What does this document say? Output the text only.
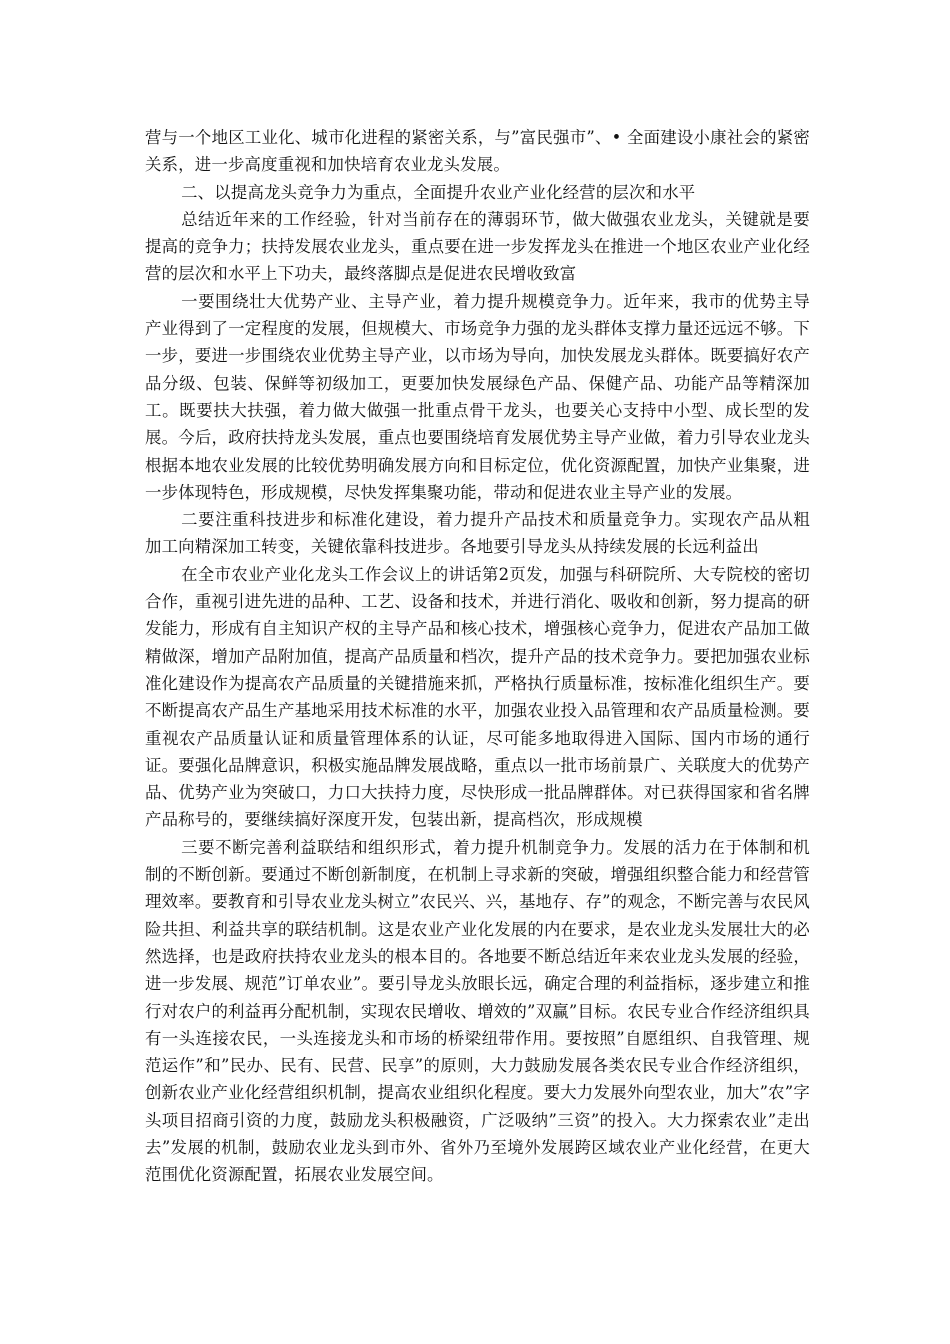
营与一个地区工业化、城市化进程的紧密关系，与”富民强市”、• 全面建设小康社会的紧密关系，进一步高度重视和加快培育农业龙头发展。

二、以提高龙头竞争力为重点，全面提升农业产业化经营的层次和水平

总结近年来的工作经验，针对当前存在的薄弱环节，做大做强农业龙头，关键就是要提高的竞争力；扶持发展农业龙头，重点要在进一步发挥龙头在推进一个地区农业产业化经营的层次和水平上下功夫，最终落脚点是促进农民增收致富

一要围绕壮大优势产业、主导产业，着力提升规模竞争力。近年来，我市的优势主导产业得到了一定程度的发展，但规模大、市场竞争力强的龙头群体支撑力量还远远不够。下一步，要进一步围绕农业优势主导产业，以市场为导向，加快发展龙头群体。既要搞好农产品分级、包装、保鲜等初级加工，更要加快发展绿色产品、保健产品、功能产品等精深加工。既要扶大扶强，着力做大做强一批重点骨干龙头，也要关心支持中小型、成长型的发展。今后，政府扶持龙头发展，重点也要围绕培育发展优势主导产业做，着力引导农业龙头根据本地农业发展的比较优势明确发展方向和目标定位，优化资源配置，加快产业集聚，进一步体现特色，形成规模，尽快发挥集聚功能，带动和促进农业主导产业的发展。

二要注重科技进步和标准化建设，着力提升产品技术和质量竞争力。实现农产品从粗加工向精深加工转变，关键依靠科技进步。各地要引导龙头从持续发展的长远利益出

在全市农业产业化龙头工作会议上的讲话第2页发，加强与科研院所、大专院校的密切合作，重视引进先进的品种、工艺、设备和技术，并进行消化、吸收和创新，努力提高的研发能力，形成有自主知识产权的主导产品和核心技术，增强核心竞争力，促进农产品加工做精做深，增加产品附加值，提高产品质量和档次，提升产品的技术竞争力。要把加强农业标准化建设作为提高农产品质量的关键措施来抓，严格执行质量标准，按标准化组织生产。要不断提高农产品生产基地采用技术标准的水平，加强农业投入品管理和农产品质量检测。要重视农产品质量认证和质量管理体系的认证，尽可能多地取得进入国际、国内市场的通行证。要强化品牌意识，积极实施品牌发展战略，重点以一批市场前景广、关联度大的优势产品、优势产业为突破口，力口大扶持力度，尽快形成一批品牌群体。对已获得国家和省名牌产品称号的，要继续搞好深度开发，包装出新，提高档次，形成规模

三要不断完善利益联结和组织形式，着力提升机制竞争力。发展的活力在于体制和机制的不断创新。要通过不断创新制度，在机制上寻求新的突破，增强组织整合能力和经营管理效率。要教育和引导农业龙头树立”农民兴、兴，基地存、存”的观念，不断完善与农民风险共担、利益共享的联结机制。这是农业产业化发展的内在要求，是农业龙头发展壮大的必然选择，也是政府扶持农业龙头的根本目的。各地要不断总结近年来农业龙头发展的经验，进一步发展、规范”订单农业”。要引导龙头放眼长远，确定合理的利益指标，逐步建立和推行对农户的利益再分配机制，实现农民增收、增效的”双赢”目标。农民专业合作经济组织具有一头连接农民，一头连接龙头和市场的桥梁纽带作用。要按照”自愿组织、自我管理、规范运作”和”民办、民有、民营、民享”的原则，大力鼓励发展各类农民专业合作经济组织，创新农业产业化经营组织机制，提高农业组织化程度。要大力发展外向型农业，加大”农”字头项目招商引资的力度，鼓励龙头积极融资，广泛吸纳”三资”的投入。大力探索农业”走出去”发展的机制，鼓励农业龙头到市外、省外乃至境外发展跨区域农业产业化经营，在更大范围优化资源配置，拓展农业发展空间。
